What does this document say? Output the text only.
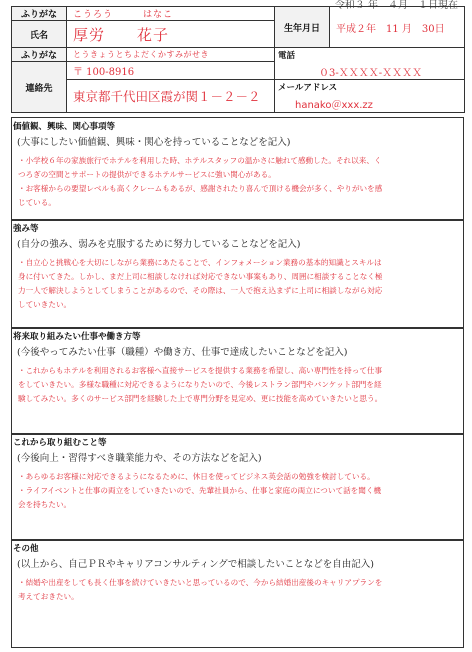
令和３ 年　４月　１日現在
ふりがな	こうろう　　　はなこ	生年月日	平成２年　11 月　30日
氏名	厚労　　花子		
ふりがな	とうきょうとちよだくかすみがせき	電話
０3-ＸＸＸＸ-ＸＸＸＸ	

連絡先	〒 100-8916		
	東京都千代田区霞が関１－２－２	メールアドレス
hanako＠xxx.zz	
価値観、興味、関心事項等
(大事にしたい価値観、興味・関心を持っていることなどを記入)

・小学校６年の家族旅行でホテルを利用した時、ホテルスタッフの温かさに触れて感動した。それ以来、く

つろぎの空間とサポートの提供ができるホテルサービスに強い関心がある。

・お客様からの要望レベルも高くクレームもあるが、感謝されたり喜んで頂ける機会が多く、やりがいを感

じている。

強み等
(自分の強み、弱みを克服するために努力していることなどを記入)

・自立心と挑戦心を大切にしながら業務にあたることで、インフォメーション業務の基本的知識とスキルは

身に付いてきた。しかし、まだ上司に相談しなければ対応できない事案もあり、周囲に相談することなく極

力一人で解決しようとしてしまうことがあるので、その際は、一人で抱え込まずに上司に相談しながら対応

していきたい。

将来取り組みたい仕事や働き方等
(今後やってみたい仕事（職種）や働き方、仕事で達成したいことなどを記入)

・これからもホテルを利用されるお客様へ直接サービスを提供する業務を希望し、高い専門性を持って仕事

をしていきたい。多様な職種に対応できるようになりたいので、今後レストラン部門やバンケット部門を経

験してみたい。多くのサービス部門を経験した上で専門分野を見定め、更に技能を高めていきたいと思う。

これから取り組むこと等
(今後向上・習得すべき職業能力や、その方法などを記入)

・あらゆるお客様に対応できるようになるために、休日を使ってビジネス英会話の勉強を検討している。

・ライフイベントと仕事の両立をしていきたいので、先輩社員から、仕事と家庭の両立について話を聞く機

会を持ちたい。

その他
(以上から、自己ＰＲやキャリアコンサルティングで相談したいことなどを自由記入)

・結婚や出産をしても長く仕事を続けていきたいと思っているので、今から結婚出産後のキャリアプランを

考えておきたい。
